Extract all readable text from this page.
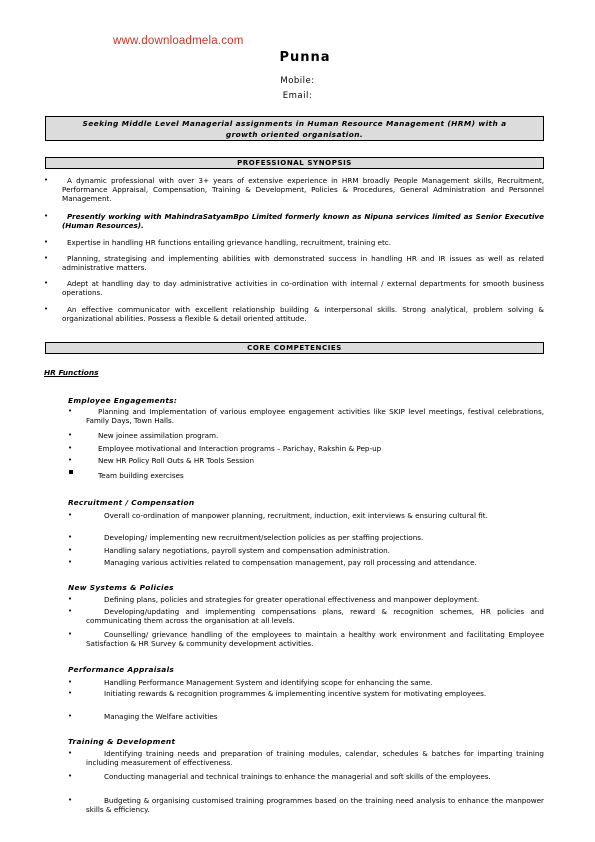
www.downloadmela.com
Punna
Mobile:
Email:
Seeking Middle Level Managerial assignments in Human Resource Management (HRM) with a
growth oriented organisation.
PROFESSIONAL SYNOPSIS
•	A dynamic professional with over 3+ years of extensive experience in HRM broadly People Management skills, Recruitment, Performance Appraisal, Compensation, Training & Development, Policies & Procedures, General Administration and Personnel Management.
•	Presently working with MahindraSatyamBpo Limited formerly known as Nipuna services limited as Senior Executive (Human Resources).
•	Expertise in handling HR functions entailing grievance handling, recruitment, training etc.
•	Planning, strategising and implementing abilities with demonstrated success in handling HR and IR issues as well as related administrative matters.
•	Adept at handling day to day administrative activities in co-ordination with internal / external departments for smooth business operations.
•	An effective communicator with excellent relationship building & interpersonal skills. Strong analytical, problem solving & organizational abilities. Possess a flexible & detail oriented attitude.
CORE COMPETENCIES
HR Functions
Employee Engagements:
•	Planning and Implementation of various employee engagement activities like SKIP level meetings, festival celebrations, Family Days, Town Halls.
•	New joinee assimilation program.
•	Employee motivational and Interaction programs – Parichay, Rakshin & Pep-up
•	New HR Policy Roll Outs & HR Tools Session
Team building exercises
Recruitment / Compensation
•	Overall co-ordination of manpower planning, recruitment, induction, exit interviews & ensuring cultural fit.
•	Developing/ implementing new recruitment/selection policies as per staffing projections.
•	Handling salary negotiations, payroll system and compensation administration.
•	Managing various activities related to compensation management, pay roll processing and attendance.
New Systems & Policies
•	Defining plans, policies and strategies for greater operational effectiveness and manpower deployment.
•	Developing/updating and implementing compensations plans, reward & recognition schemes, HR policies and communicating them across the organisation at all levels.
•	Counselling/ grievance handling of the employees to maintain a healthy work environment and facilitating Employee Satisfaction & HR Survey & community development activities.
Performance Appraisals
•	Handling Performance Management System and identifying scope for enhancing the same.
•	Initiating rewards & recognition programmes & implementing incentive system for motivating employees.
•	Managing the Welfare activities
Training & Development
•	Identifying training needs and preparation of training modules, calendar, schedules & batches for imparting training including measurement of effectiveness.
•	Conducting managerial and technical trainings to enhance the managerial and soft skills of the employees.
•	Budgeting & organising customised training programmes based on the training need analysis to enhance the manpower skills & efficiency.
